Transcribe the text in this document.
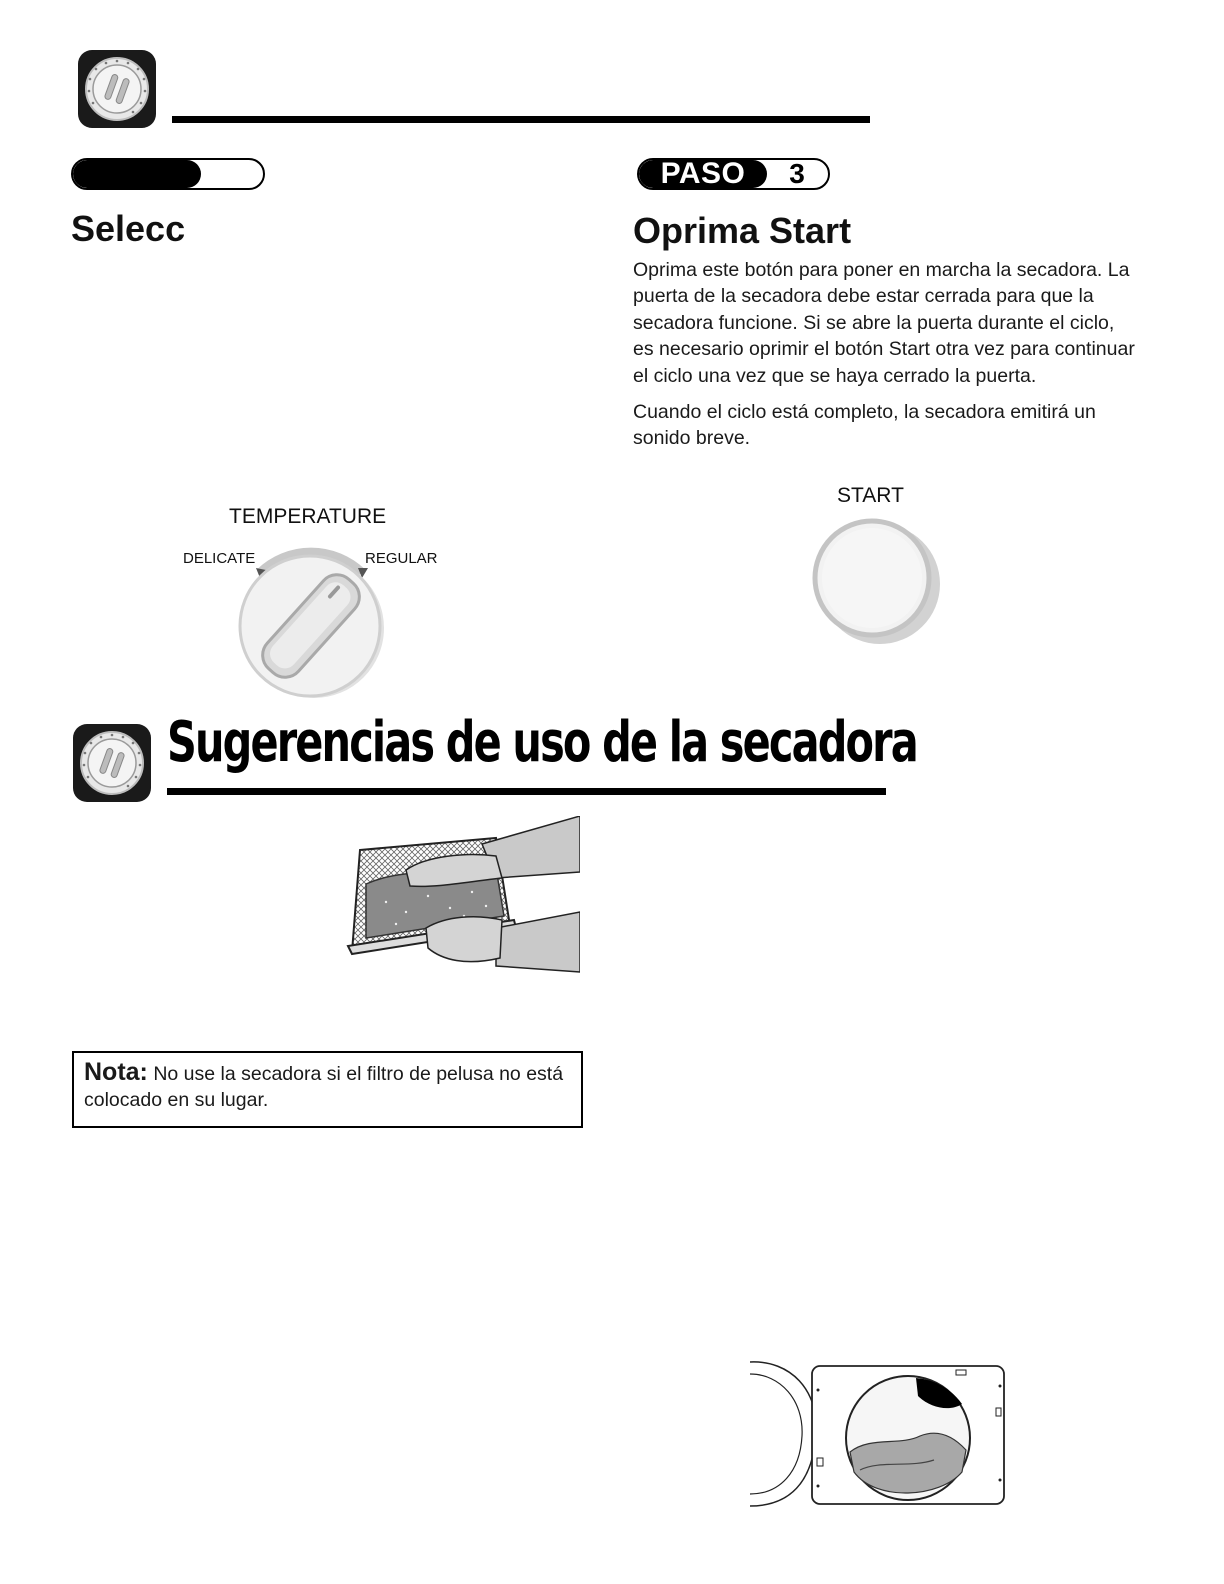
Selecc
PASO	3
Oprima Start

Oprima este botón para poner en marcha la secadora. La puerta de la secadora debe estar cerrada para que la secadora funcione. Si se abre la puerta durante el ciclo, es necesario oprimir el botón Start otra vez para continuar el ciclo una vez que se haya cerrado la puerta.

Cuando el ciclo está completo, la secadora emitirá un sonido breve.

TEMPERATURE
DELICATE	REGULAR
START
Sugerencias de uso de la secadora
Nota: No use la secadora si el filtro de pelusa no está colocado en su lugar.
